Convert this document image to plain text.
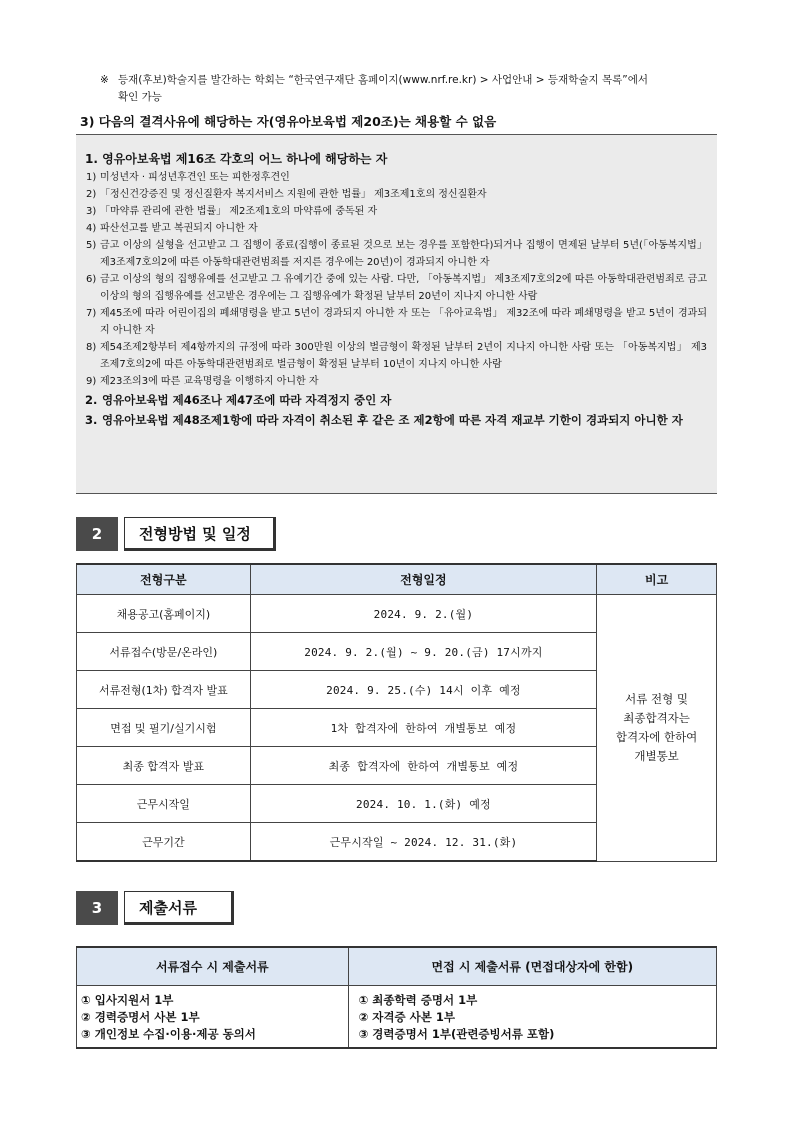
※ 등재(후보)학술지를 발간하는 학회는 “한국연구재단 홈페이지(www.nrf.re.kr) > 사업안내 > 등재학술지 목록”에서
확인 가능
3) 다음의 결격사유에 해당하는 자(영유아보육법 제20조)는 채용할 수 없음
1. 영유아보육법 제16조 각호의 어느 하나에 해당하는 자
1) 미성년자 · 피성년후견인 또는 피한정후견인
2) 「정신건강증진 및 정신질환자 복지서비스 지원에 관한 법률」 제3조제1호의 정신질환자
3) 「마약류 관리에 관한 법률」 제2조제1호의 마약류에 중독된 자
4) 파산선고를 받고 복권되지 아니한 자
5) 금고 이상의 실형을 선고받고 그 집행이 종료(집행이 종료된 것으로 보는 경우를 포함한다)되거나 집행이 면제된 날부터 5년(「아동복지법」 제3조제7호의2에 따른 아동학대관련범죄를 저지른 경우에는 20년)이 경과되지 아니한 자
6) 금고 이상의 형의 집행유예를 선고받고 그 유예기간 중에 있는 사람. 다만, 「아동복지법」 제3조제7호의2에 따른 아동학대관련범죄로 금고 이상의 형의 집행유예를 선고받은 경우에는 그 집행유예가 확정된 날부터 20년이 지나지 아니한 사람
7) 제45조에 따라 어린이집의 폐쇄명령을 받고 5년이 경과되지 아니한 자 또는 「유아교육법」 제32조에 따라 폐쇄명령을 받고 5년이 경과되지 아니한 자
8) 제54조제2항부터 제4항까지의 규정에 따라 300만원 이상의 벌금형이 확정된 날부터 2년이 지나지 아니한 사람 또는 「아동복지법」 제3조제7호의2에 따른 아동학대관련범죄로 벌금형이 확정된 날부터 10년이 지나지 아니한 사람
9) 제23조의3에 따른 교육명령을 이행하지 아니한 자
2. 영유아보육법 제46조나 제47조에 따라 자격정지 중인 자
3. 영유아보육법 제48조제1항에 따라 자격이 취소된 후 같은 조 제2항에 따른 자격 재교부 기한이 경과되지 아니한 자
2	전형방법 및 일정
전형구분	전형일정	비고
채용공고(홈페이지)	2024. 9. 2.(월)	서류 전형 및
최종합격자는
합격자에 한하여
개별통보

서류접수(방문/온라인)	2024. 9. 2.(월) ~ 9. 20.(금) 17시까지	
서류전형(1차) 합격자 발표	2024. 9. 25.(수) 14시 이후 예정	
면접 및 필기/실기시험	1차 합격자에 한하여 개별통보 예정	
최종 합격자 발표	최종 합격자에 한하여 개별통보 예정	
근무시작일	2024. 10. 1.(화) 예정	
근무기간	근무시작일 ~ 2024. 12. 31.(화)	
3	제출서류
서류접수 시 제출서류	면접 시 제출서류 (면접대상자에 한함)

① 입사지원서 1부
② 경력증명서 사본 1부
③ 개인정보 수집·이용·제공 동의서	① 최종학력 증명서 1부
② 자격증 사본 1부
③ 경력증명서 1부(관련증빙서류 포함)
